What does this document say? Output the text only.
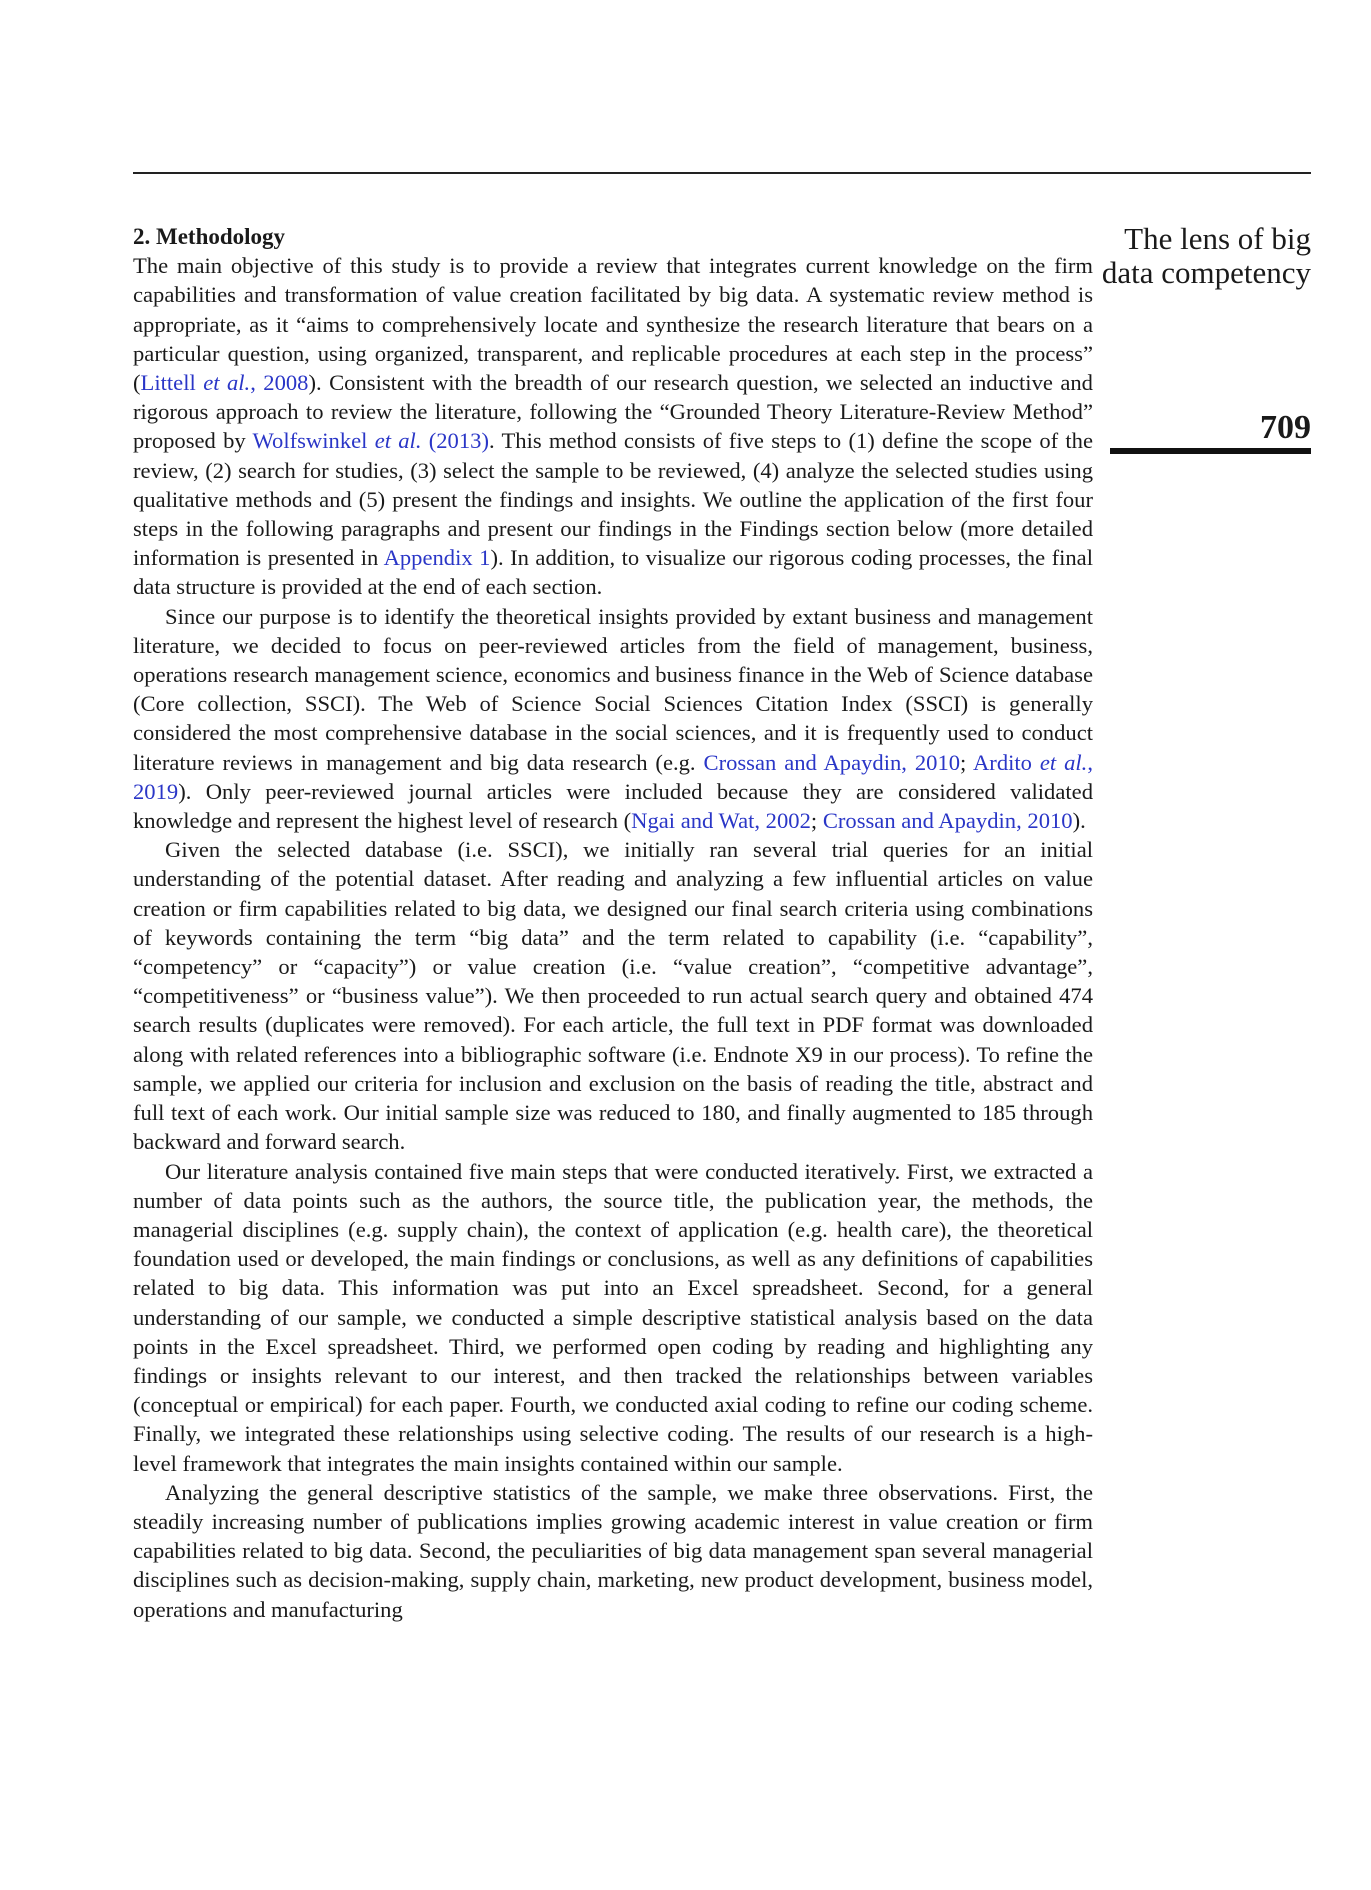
The lens of big data competency
709
2. Methodology

The main objective of this study is to provide a review that integrates current knowledge on the firm capabilities and transformation of value creation facilitated by big data. A systematic review method is appropriate, as it “aims to comprehensively locate and synthesize the research literature that bears on a particular question, using organized, transparent, and replicable procedures at each step in the process” (Littell et al., 2008). Consistent with the breadth of our research question, we selected an inductive and rigorous approach to review the literature, following the “Grounded Theory Literature-Review Method” proposed by Wolfswinkel et al. (2013). This method consists of five steps to (1) define the scope of the review, (2) search for studies, (3) select the sample to be reviewed, (4) analyze the selected studies using qualitative methods and (5) present the findings and insights. We outline the application of the first four steps in the following paragraphs and present our findings in the Findings section below (more detailed information is presented in Appendix 1). In addition, to visualize our rigorous coding processes, the final data structure is provided at the end of each section.

Since our purpose is to identify the theoretical insights provided by extant business and management literature, we decided to focus on peer-reviewed articles from the field of management, business, operations research management science, economics and business finance in the Web of Science database (Core collection, SSCI). The Web of Science Social Sciences Citation Index (SSCI) is generally considered the most comprehensive database in the social sciences, and it is frequently used to conduct literature reviews in management and big data research (e.g. Crossan and Apaydin, 2010; Ardito et al., 2019). Only peer-reviewed journal articles were included because they are considered validated knowledge and represent the highest level of research (Ngai and Wat, 2002; Crossan and Apaydin, 2010).

Given the selected database (i.e. SSCI), we initially ran several trial queries for an initial understanding of the potential dataset. After reading and analyzing a few influential articles on value creation or firm capabilities related to big data, we designed our final search criteria using combinations of keywords containing the term “big data” and the term related to capability (i.e. “capability”, “competency” or “capacity”) or value creation (i.e. “value creation”, “competitive advantage”, “competitiveness” or “business value”). We then proceeded to run actual search query and obtained 474 search results (duplicates were removed). For each article, the full text in PDF format was downloaded along with related references into a bibliographic software (i.e. Endnote X9 in our process). To refine the sample, we applied our criteria for inclusion and exclusion on the basis of reading the title, abstract and full text of each work. Our initial sample size was reduced to 180, and finally augmented to 185 through backward and forward search.

Our literature analysis contained five main steps that were conducted iteratively. First, we extracted a number of data points such as the authors, the source title, the publication year, the methods, the managerial disciplines (e.g. supply chain), the context of application (e.g. health care), the theoretical foundation used or developed, the main findings or conclusions, as well as any definitions of capabilities related to big data. This information was put into an Excel spreadsheet. Second, for a general understanding of our sample, we conducted a simple descriptive statistical analysis based on the data points in the Excel spreadsheet. Third, we performed open coding by reading and highlighting any findings or insights relevant to our interest, and then tracked the relationships between variables (conceptual or empirical) for each paper. Fourth, we conducted axial coding to refine our coding scheme. Finally, we integrated these relationships using selective coding. The results of our research is a high-level framework that integrates the main insights contained within our sample.

Analyzing the general descriptive statistics of the sample, we make three observations. First, the steadily increasing number of publications implies growing academic interest in value creation or firm capabilities related to big data. Second, the peculiarities of big data management span several managerial disciplines such as decision-making, supply chain, marketing, new product development, business model, operations and manufacturing
